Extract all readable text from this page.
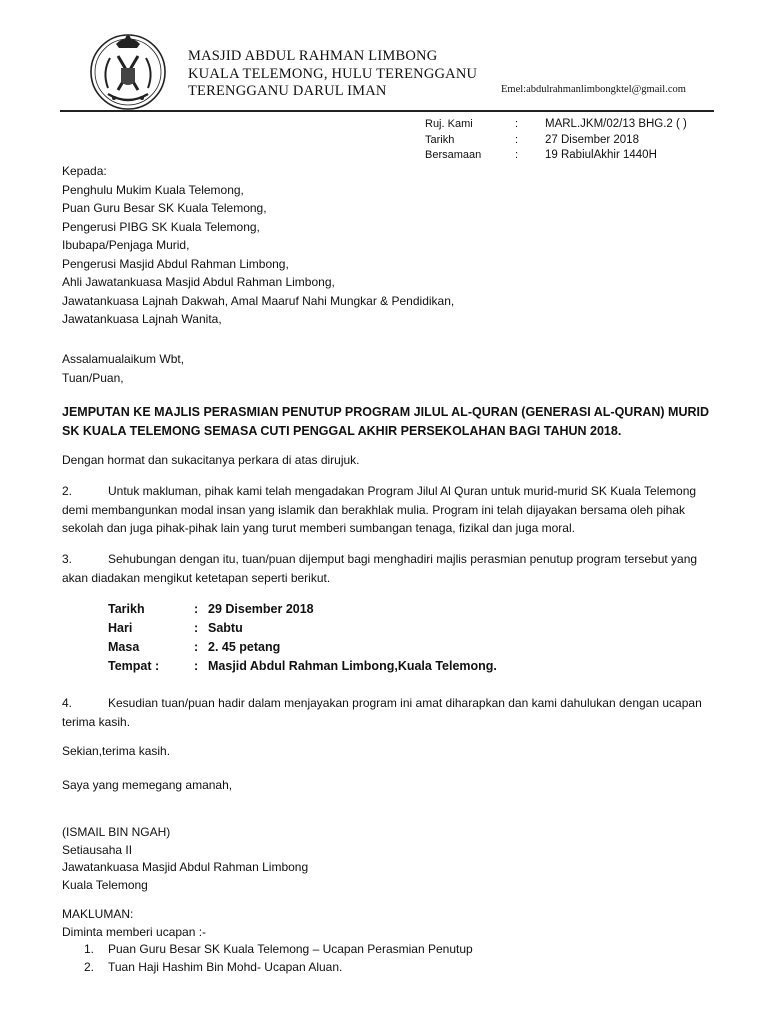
MASJID ABDUL RAHMAN LIMBONG
KUALA TELEMONG, HULU TERENGGANU
TERENGGANU DARUL IMAN	Emel:abdulrahmanlimbongktel@gmail.com
Ruj. Kami	:	MARL.JKM/02/13 BHG.2 ( )
Tarikh	:	27 Disember 2018
Bersamaan	:	19 RabiulAkhir 1440H
Kepada:
Penghulu Mukim Kuala Telemong,
Puan Guru Besar SK Kuala Telemong,
Pengerusi PIBG SK Kuala Telemong,
Ibubapa/Penjaga Murid,
Pengerusi Masjid Abdul Rahman Limbong,
Ahli Jawatankuasa Masjid Abdul Rahman Limbong,
Jawatankuasa Lajnah Dakwah, Amal Maaruf Nahi Mungkar & Pendidikan,
Jawatankuasa Lajnah Wanita,
Assalamualaikum Wbt,
Tuan/Puan,
JEMPUTAN KE MAJLIS PERASMIAN PENUTUP PROGRAM JILUL AL-QURAN (GENERASI AL-QURAN) MURID SK KUALA TELEMONG SEMASA CUTI PENGGAL AKHIR PERSEKOLAHAN BAGI TAHUN 2018.
Dengan hormat dan sukacitanya perkara di atas dirujuk.
2.	Untuk makluman, pihak kami telah mengadakan Program Jilul Al Quran untuk murid-murid SK Kuala Telemong demi membangunkan modal insan yang islamik dan berakhlak mulia. Program ini telah dijayakan bersama oleh pihak sekolah dan juga pihak-pihak lain yang turut memberi sumbangan tenaga, fizikal dan juga moral.
3.	Sehubungan dengan itu, tuan/puan dijemput bagi menghadiri majlis perasmian penutup program tersebut yang akan diadakan mengikut ketetapan seperti berikut.
Tarikh	: 29 Disember 2018
Hari	: Sabtu
Masa	: 2. 45 petang
Tempat :	: Masjid Abdul Rahman Limbong,Kuala Telemong.
4.	Kesudian tuan/puan hadir dalam menjayakan program ini amat diharapkan dan kami dahulukan dengan ucapan terima kasih.
Sekian,terima kasih.
Saya yang memegang amanah,
(ISMAIL BIN NGAH)
Setiausaha II
Jawatankuasa Masjid Abdul Rahman Limbong
Kuala Telemong
MAKLUMAN:
Diminta memberi ucapan :-
1.	Puan Guru Besar SK Kuala Telemong – Ucapan Perasmian Penutup
2.	Tuan Haji Hashim Bin Mohd- Ucapan Aluan.
